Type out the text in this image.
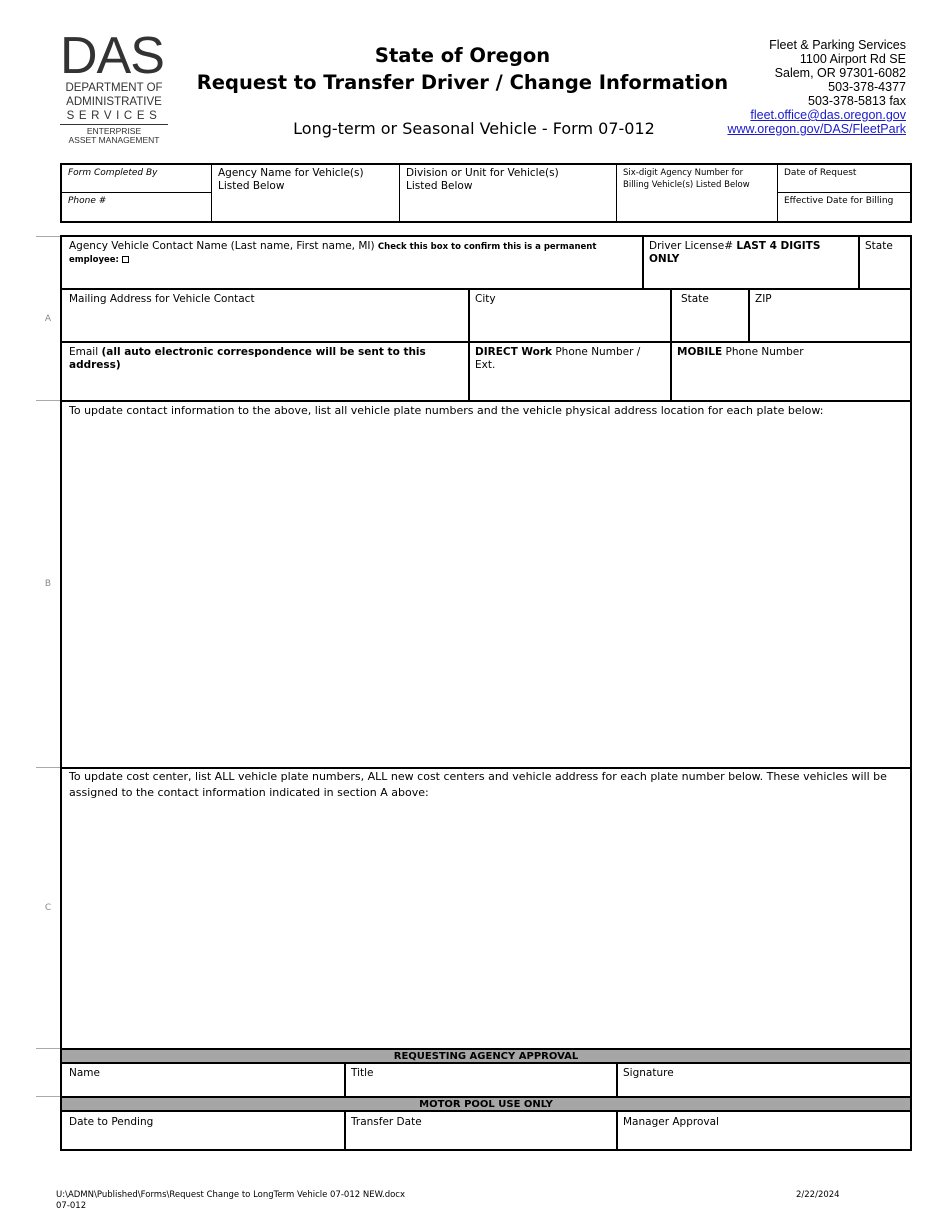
DAS
DEPARTMENT OF
ADMINISTRATIVE
SERVICES
ENTERPRISE
ASSET MANAGEMENT
State of Oregon
Request to Transfer Driver / Change Information
Long-term or Seasonal Vehicle - Form 07-012
Fleet & Parking Services
1100 Airport Rd SE
Salem, OR 97301-6082
503-378-4377
503-378-5813 fax
fleet.office@das.oregon.gov
www.oregon.gov/DAS/FleetPark
Form Completed By
Phone #
Agency Name for Vehicle(s) Listed Below
Division or Unit for Vehicle(s) Listed Below
Six-digit Agency Number for Billing Vehicle(s) Listed Below
Date of Request
Effective Date for Billing
A
B
C
Agency Vehicle Contact Name (Last name, First name, MI) Check this box to confirm this is a permanent employee:
Driver License# LAST 4 DIGITS ONLY
State
Mailing Address for Vehicle Contact	City	State	ZIP
Email (all auto electronic correspondence will be sent to this address)
DIRECT Work Phone Number / Ext.
MOBILE Phone Number
To update contact information to the above, list all vehicle plate numbers and the vehicle physical address location for each plate below:
To update cost center, list ALL vehicle plate numbers, ALL new cost centers and vehicle address for each plate number below. These vehicles will be assigned to the contact information indicated in section A above:
REQUESTING AGENCY APPROVAL
Name	Title	Signature
MOTOR POOL USE ONLY
Date to Pending	Transfer Date	Manager Approval
U:\ADMN\Published\Forms\Request Change to LongTerm Vehicle 07-012 NEW.docx
07-012
2/22/2024
